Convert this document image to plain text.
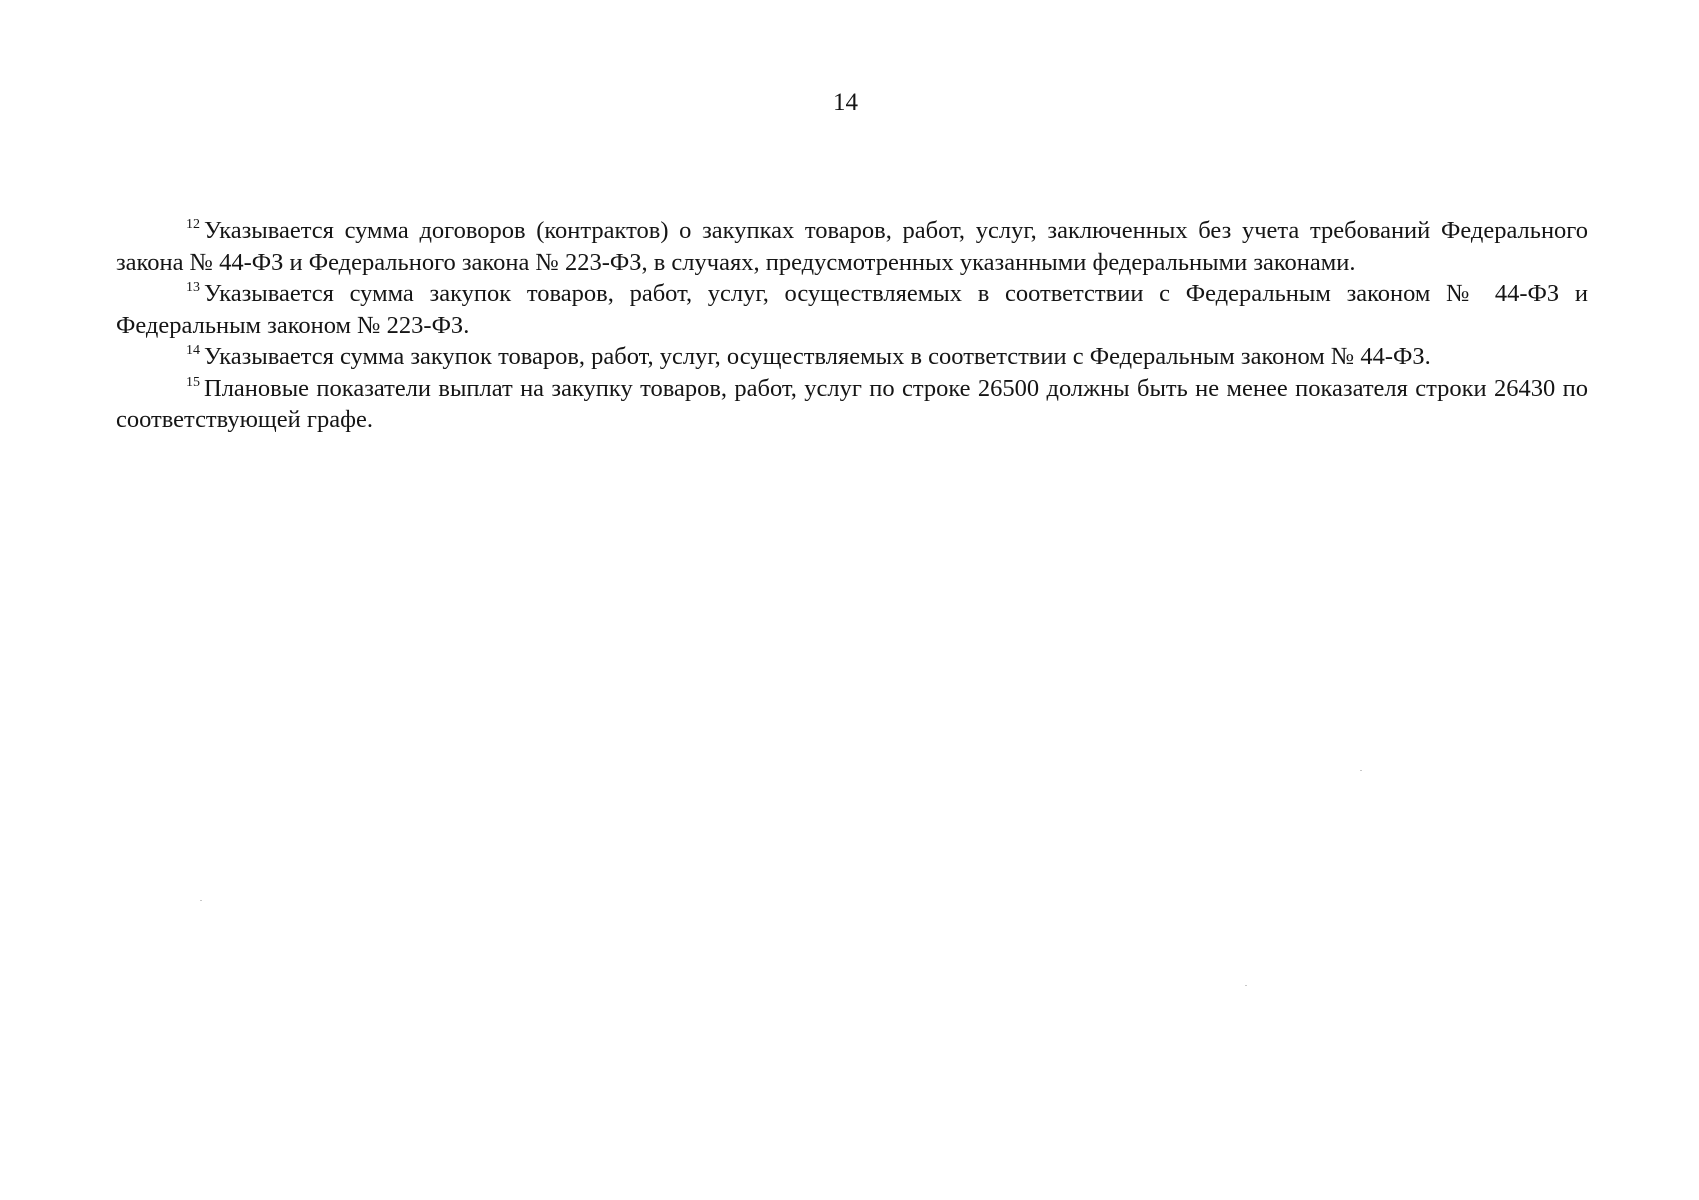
14

$^{12}$ Указывается сумма договоров (контрактов) о закупках товаров, работ, услуг, заключенных без учета требований Федерального закона № 44-ФЗ и Федерального закона № 223-ФЗ, в случаях, предусмотренных указанными федеральными законами.

$^{13}$ Указывается сумма закупок товаров, работ, услуг, осуществляемых в соответствии с Федеральным законом № 44-ФЗ и Федеральным законом № 223-ФЗ.

$^{14}$ Указывается сумма закупок товаров, работ, услуг, осуществляемых в соответствии с Федеральным законом № 44-ФЗ.

$^{15}$ Плановые показатели выплат на закупку товаров, работ, услуг по строке 26500 должны быть не менее показателя строки 26430 по соответствующей графе.
